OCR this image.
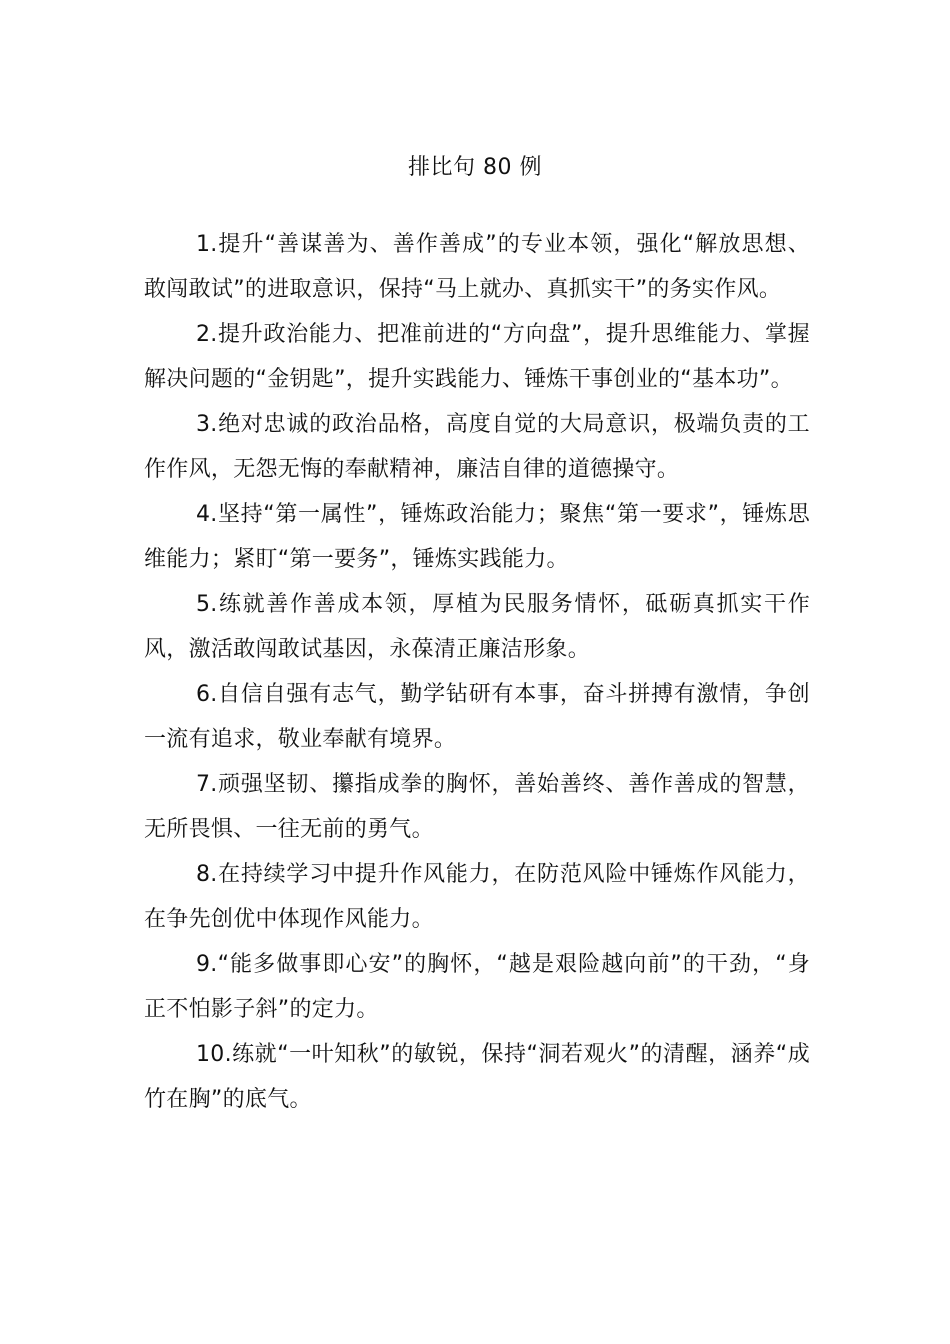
排比句 80 例

1.提升“善谋善为、善作善成”的专业本领，强化“解放思想、敢闯敢试”的进取意识，保持“马上就办、真抓实干”的务实作风。

2.提升政治能力、把准前进的“方向盘”，提升思维能力、掌握解决问题的“金钥匙”，提升实践能力、锤炼干事创业的“基本功”。

3.绝对忠诚的政治品格，高度自觉的大局意识，极端负责的工作作风，无怨无悔的奉献精神，廉洁自律的道德操守。

4.坚持“第一属性”，锤炼政治能力；聚焦“第一要求”，锤炼思维能力；紧盯“第一要务”，锤炼实践能力。

5.练就善作善成本领，厚植为民服务情怀，砥砺真抓实干作风，激活敢闯敢试基因，永葆清正廉洁形象。

6.自信自强有志气，勤学钻研有本事，奋斗拼搏有激情，争创一流有追求，敬业奉献有境界。

7.顽强坚韧、攥指成拳的胸怀，善始善终、善作善成的智慧，无所畏惧、一往无前的勇气。

8.在持续学习中提升作风能力，在防范风险中锤炼作风能力，在争先创优中体现作风能力。

9.“能多做事即心安”的胸怀，“越是艰险越向前”的干劲，“身正不怕影子斜”的定力。

10.练就“一叶知秋”的敏锐，保持“洞若观火”的清醒，涵养“成竹在胸”的底气。
